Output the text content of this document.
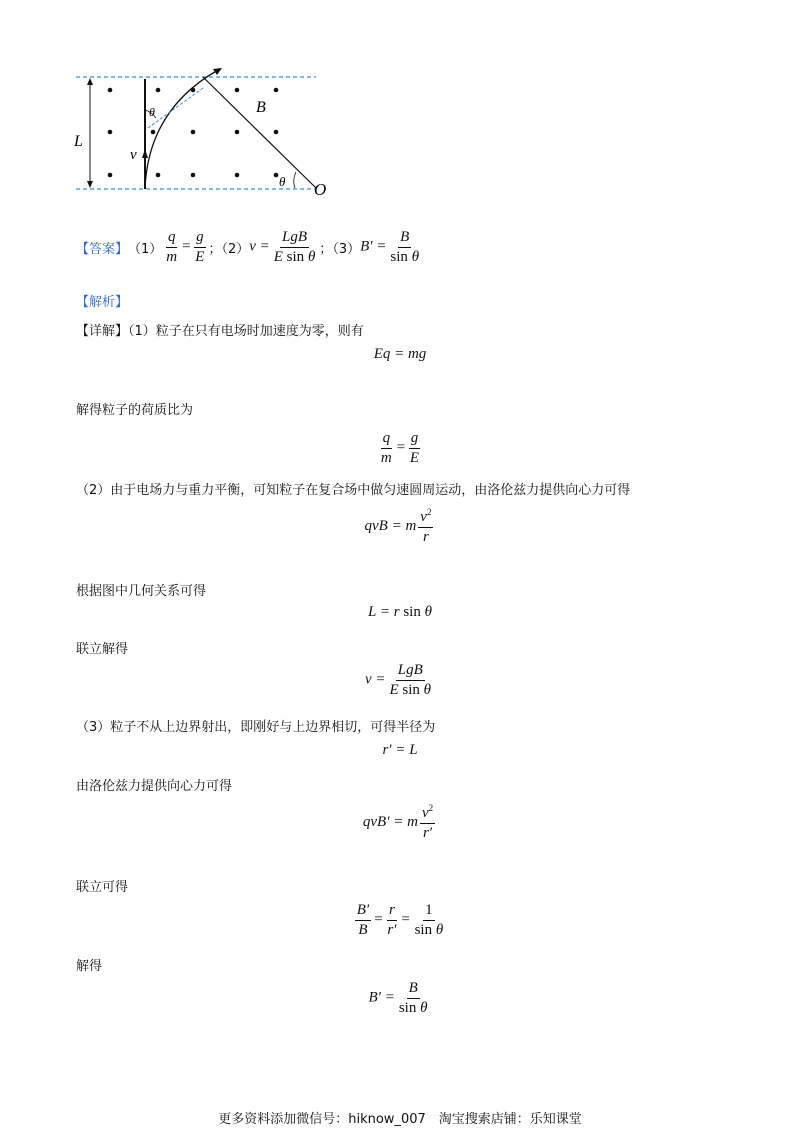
L
v
θ	B
θ O
【答案】 $(1) \frac{q}{m} = \frac{g}{E}$ ；（2） $v = \frac{\text{LgB}}{\text{E sin θ}}$ ；（3） $B' = \frac{B}{\text{sin θ}}$
【解析】
【详解】（1）粒子在只有电场时加速度为零，则有
Eq = mg
解得粒子的荷质比为
$\frac{q}{m} = \frac{g}{E}$
（2）由于电场力与重力平衡，可知粒子在复合场中做匀速圆周运动，由洛伦兹力提供向心力可得
qvB = m $\frac{v^2}{r}$
根据图中几何关系可得
L = r sin θ
联立解得
$v = \frac{\text{LgB}}{\text{E sin θ}}$
（3）粒子不从上边界射出，即刚好与上边界相切，可得半径为
r′ = L
由洛伦兹力提供向心力可得
qvB′ = m $\frac{v^2}{r'}$
联立可得
$\frac{B'}{B} = \frac{r}{r'} = \frac{1}{\text{sin θ}}$
解得
$B' = \frac{B}{\text{sin θ}}$
更多资料添加微信号：hiknow_007　淘宝搜索店铺：乐知课堂
